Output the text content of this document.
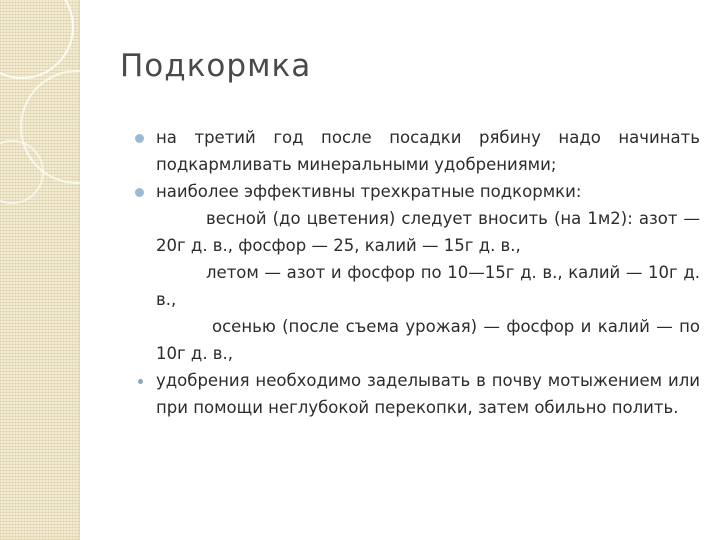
Подкормка
на третий год после посадки рябину надо начинать подкармливать минеральными удобрениями;
наиболее эффективны трехкратные подкормки:
весной (до цветения) следует вносить (на 1м2): азот — 20г д. в., фосфор — 25, калий — 15г д. в.,
летом — азот и фосфор по 10—15г д. в., калий — 10г д. в.,
осенью (после съема урожая) — фосфор и калий — по 10г д. в.,
удобрения необходимо заделывать в почву мотыжением или при помощи неглубокой перекопки, затем обильно полить.
